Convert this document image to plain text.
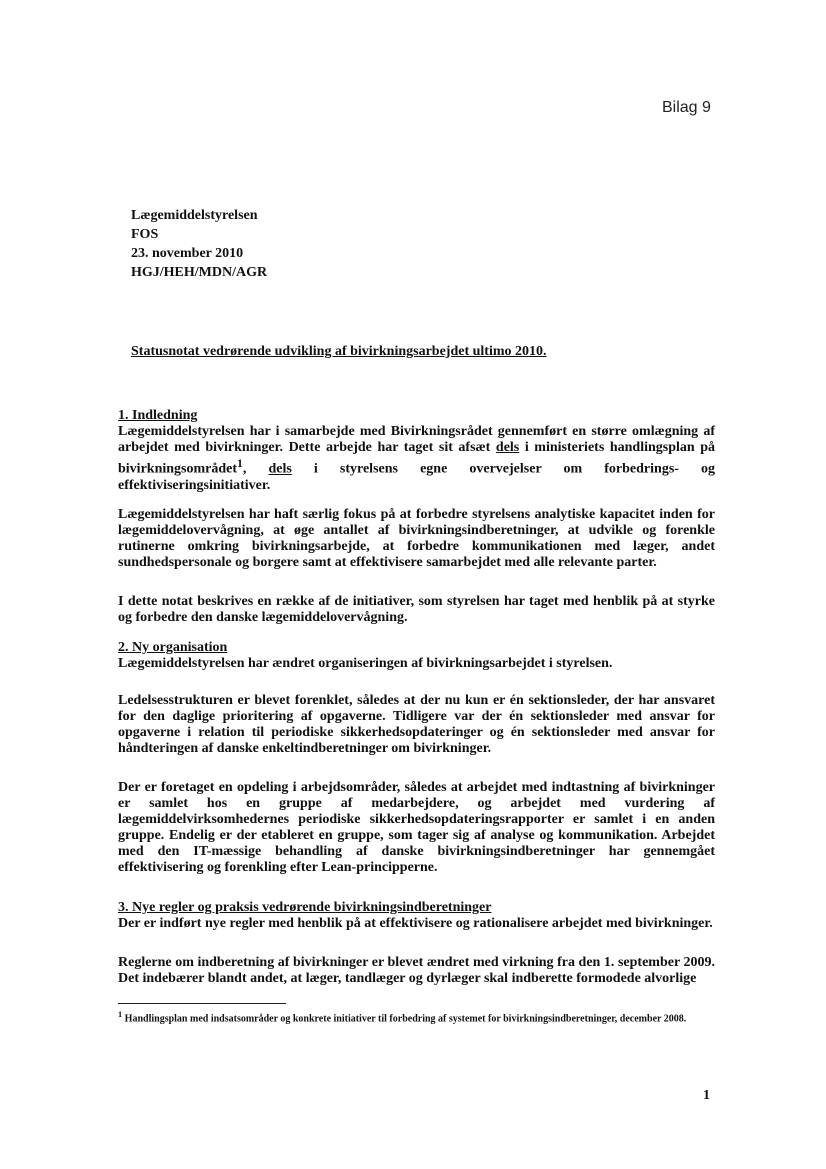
Bilag 9
Lægemiddelstyrelsen
FOS
23. november 2010
HGJ/HEH/MDN/AGR
Statusnotat vedrørende udvikling af bivirkningsarbejdet ultimo 2010.
1. Indledning

Lægemiddelstyrelsen har i samarbejde med Bivirkningsrådet gennemført en større omlægning af arbejdet med bivirkninger. Dette arbejde har taget sit afsæt dels i ministeriets handlingsplan på bivirkningsområdet$^1$, dels i styrelsens egne overvejelser om forbedrings- og effektiviseringsinitiativer.

Lægemiddelstyrelsen har haft særlig fokus på at forbedre styrelsens analytiske kapacitet inden for lægemiddelovervågning, at øge antallet af bivirkningsindberetninger, at udvikle og forenkle rutinerne omkring bivirkningsarbejde, at forbedre kommunikationen med læger, andet sundhedspersonale og borgere samt at effektivisere samarbejdet med alle relevante parter.
I dette notat beskrives en række af de initiativer, som styrelsen har taget med henblik på at styrke og forbedre den danske lægemiddelovervågning.
2. Ny organisation

Lægemiddelstyrelsen har ændret organiseringen af bivirkningsarbejdet i styrelsen.

Ledelsesstrukturen er blevet forenklet, således at der nu kun er én sektionsleder, der har ansvaret for den daglige prioritering af opgaverne. Tidligere var der én sektionsleder med ansvar for opgaverne i relation til periodiske sikkerhedsopdateringer og én sektionsleder med ansvar for håndteringen af danske enkeltindberetninger om bivirkninger.
Der er foretaget en opdeling i arbejdsområder, således at arbejdet med indtastning af bivirkninger er samlet hos en gruppe af medarbejdere, og arbejdet med vurdering af lægemiddelvirksomhedernes periodiske sikkerhedsopdateringsrapporter er samlet i en anden gruppe. Endelig er der etableret en gruppe, som tager sig af analyse og kommunikation. Arbejdet med den IT-mæssige behandling af danske bivirkningsindberetninger har gennemgået effektivisering og forenkling efter Lean-principperne.
3. Nye regler og praksis vedrørende bivirkningsindberetninger

Der er indført nye regler med henblik på at effektivisere og rationalisere arbejdet med bivirkninger.

Reglerne om indberetning af bivirkninger er blevet ændret med virkning fra den 1. september 2009. Det indebærer blandt andet, at læger, tandlæger og dyrlæger skal indberette formodede alvorlige
$^1$ Handlingsplan med indsatsområder og konkrete initiativer til forbedring af systemet for bivirkningsindberetninger, december 2008.
1
